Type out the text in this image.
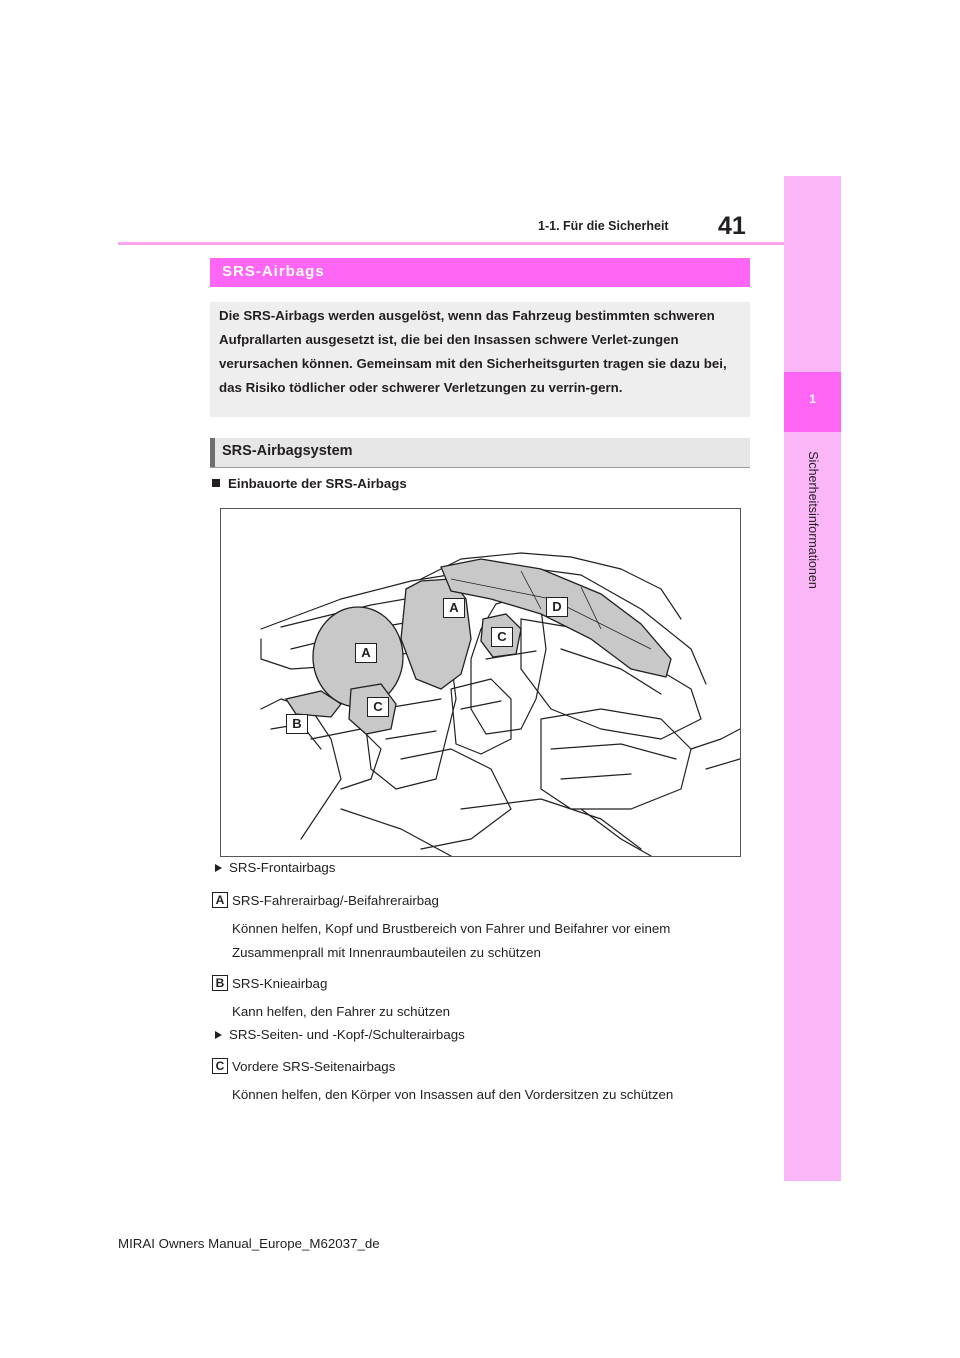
1
Sicherheitsinformationen
1-1. Für die Sicherheit 41
SRS-Airbags

Die SRS-Airbags werden ausgelöst, wenn das Fahrzeug bestimmten schweren Aufprallarten ausgesetzt ist, die bei den Insassen schwere Verlet-zungen verursachen können. Gemeinsam mit den Sicherheitsgurten tragen sie dazu bei, das Risiko tödlicher oder schwerer Verletzungen zu verrin-gern.

SRS-Airbagsystem
Einbauorte der SRS-Airbags
A
A
B
C
C
D
SRS-Frontairbags
A SRS-Fahrerairbag/-Beifahrerairbag
Können helfen, Kopf und Brustbereich von Fahrer und Beifahrer vor einem
Zusammenprall mit Innenraumbauteilen zu schützen
B SRS-Knieairbag
Kann helfen, den Fahrer zu schützen
SRS-Seiten- und -Kopf-/Schulterairbags
C Vordere SRS-Seitenairbags
Können helfen, den Körper von Insassen auf den Vordersitzen zu schützen
MIRAI Owners Manual_Europe_M62037_de
